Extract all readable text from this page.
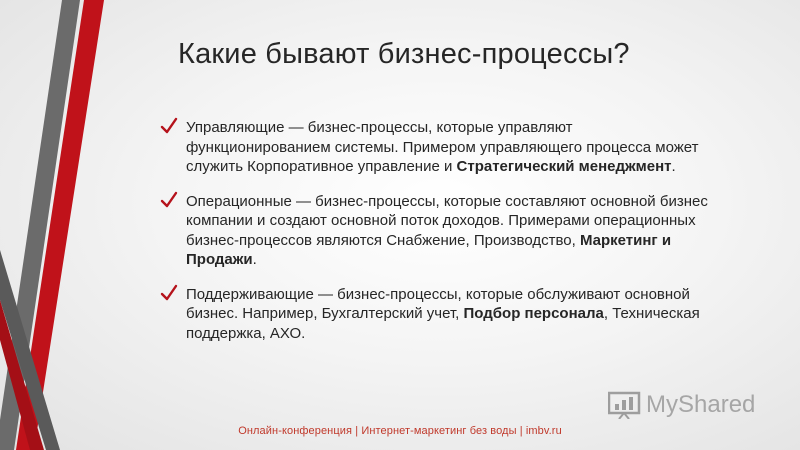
Какие бывают бизнес-процессы?
Управляющие — бизнес-процессы, которые управляют функционированием системы. Примером управляющего процесса может служить Корпоративное управление и Стратегический менеджмент.
Операционные — бизнес-процессы, которые составляют основной бизнес компании и создают основной поток доходов. Примерами операционных бизнес-процессов являются Снабжение, Производство, Маркетинг и Продажи.
Поддерживающие — бизнес-процессы, которые обслуживают основной бизнес. Например, Бухгалтерский учет, Подбор персонала, Техническая поддержка, АХО.
MyShared
Онлайн-конференция | Интернет-маркетинг без воды | imbv.ru
